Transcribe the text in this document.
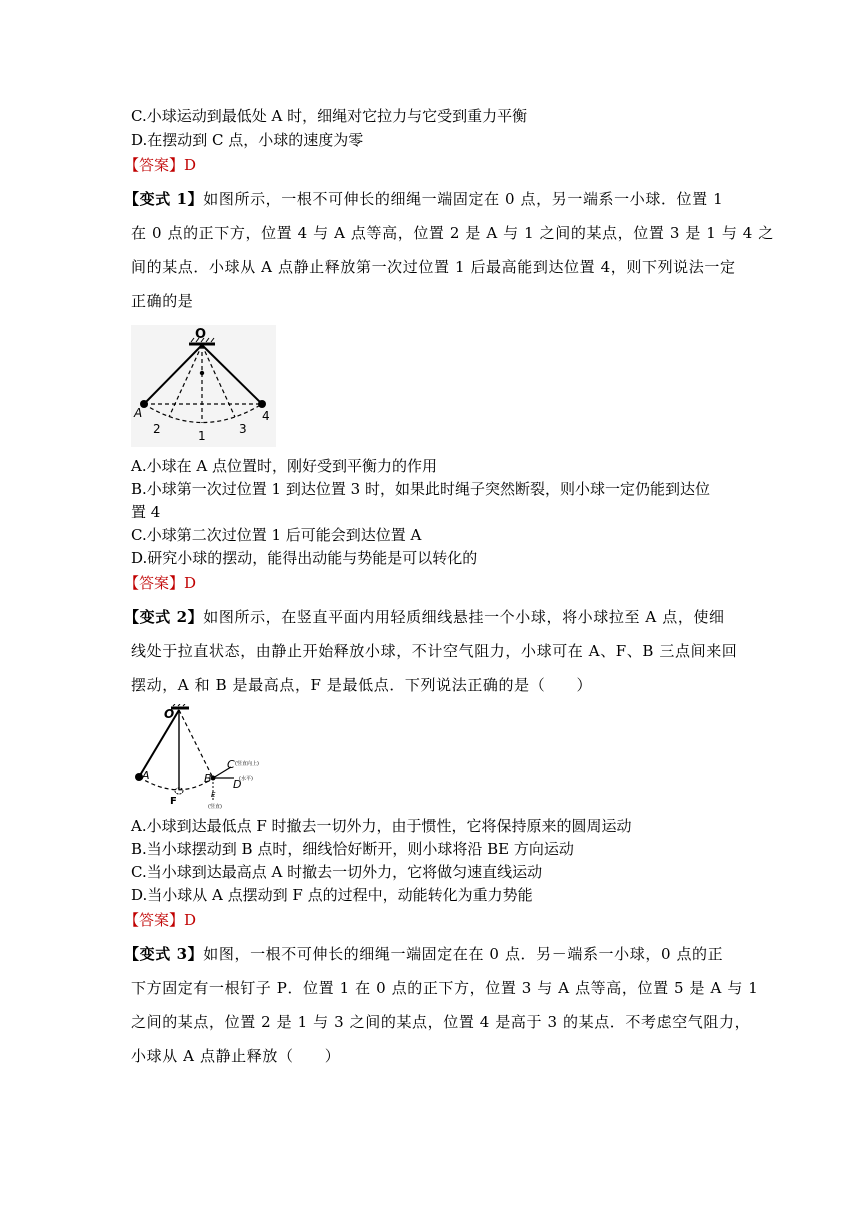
C.小球运动到最低处 A 时，细绳对它拉力与它受到重力平衡
D.在摆动到 C 点，小球的速度为零
【答案】D
【变式 1】如图所示，一根不可伸长的细绳一端固定在 0 点，另一端系一小球．位置 1
在 0 点的正下方，位置 4 与 A 点等高，位置 2 是 A 与 1 之间的某点，位置 3 是 1 与 4 之
间的某点．小球从 A 点静止释放第一次过位置 1 后最高能到达位置 4，则下列说法一定
正确的是
O
A
2	1	3
4
A.小球在 A 点位置时，刚好受到平衡力的作用
B.小球第一次过位置 1 到达位置 3 时，如果此时绳子突然断裂，则小球一定仍能到达位
置 4
C.小球第二次过位置 1 后可能会到达位置 A
D.研究小球的摆动，能得出动能与势能是可以转化的
【答案】D
【变式 2】如图所示，在竖直平面内用轻质细线悬挂一个小球，将小球拉至 A 点，使细
线处于拉直状态，由静止开始释放小球，不计空气阻力，小球可在 A、F、B 三点间来回
摆动，A 和 B 是最高点，F 是最低点．下列说法正确的是（　　）
O
A
F
B
C (竖直向上)
D
(水平)
E
(竖直)
A.小球到达最低点 F 时撤去一切外力，由于惯性，它将保持原来的圆周运动
B.当小球摆动到 B 点时，细线恰好断开，则小球将沿 BE 方向运动
C.当小球到达最高点 A 时撤去一切外力，它将做匀速直线运动
D.当小球从 A 点摆动到 F 点的过程中，动能转化为重力势能
【答案】D
【变式 3】如图，一根不可伸长的细绳一端固定在在 0 点．另－端系一小球，0 点的正
下方固定有一根钉子 P．位置 1 在 0 点的正下方，位置 3 与 A 点等高，位置 5 是 A 与 1
之间的某点，位置 2 是 1 与 3 之间的某点，位置 4 是高于 3 的某点．不考虑空气阻力，
小球从 A 点静止释放（　　）
